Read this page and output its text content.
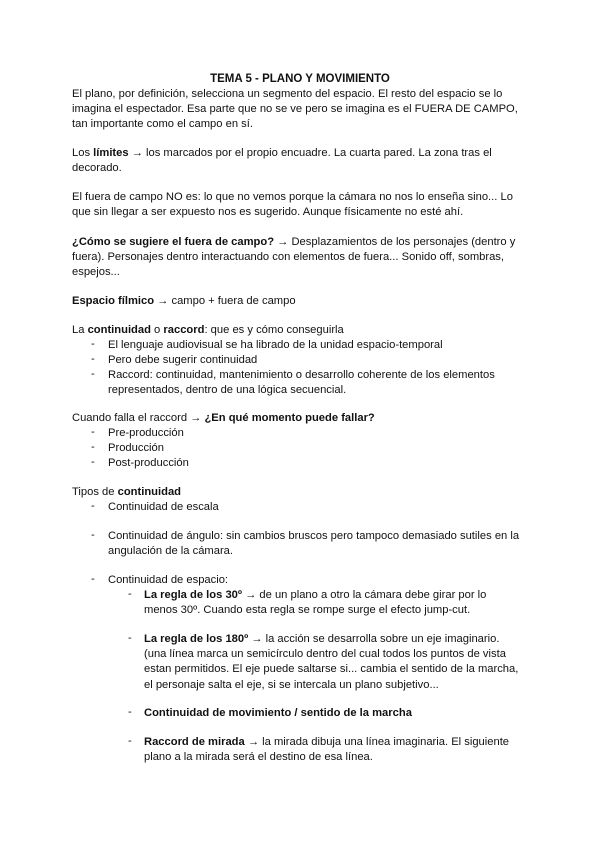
TEMA 5 - PLANO Y MOVIMIENTO
El plano, por definición, selecciona un segmento del espacio. El resto del espacio se lo imagina el espectador. Esa parte que no se ve pero se imagina es el FUERA DE CAMPO, tan importante como el campo en sí.
Los límites → los marcados por el propio encuadre. La cuarta pared. La zona tras el decorado.
El fuera de campo NO es: lo que no vemos porque la cámara no nos lo enseña sino... Lo que sin llegar a ser expuesto nos es sugerido. Aunque físicamente no esté ahí.
¿Cómo se sugiere el fuera de campo? → Desplazamientos de los personajes (dentro y fuera). Personajes dentro interactuando con elementos de fuera... Sonido off, sombras, espejos...
Espacio fílmico → campo + fuera de campo
La continuidad o raccord: que es y cómo conseguirla
- El lenguaje audiovisual se ha librado de la unidad espacio-temporal
- Pero debe sugerir continuidad
- Raccord: continuidad, mantenimiento o desarrollo coherente de los elementos representados, dentro de una lógica secuencial.
Cuando falla el raccord → ¿En qué momento puede fallar?
- Pre-producción
- Producción
- Post-producción
Tipos de continuidad
- Continuidad de escala
- Continuidad de ángulo: sin cambios bruscos pero tampoco demasiado sutiles en la angulación de la cámara.
- Continuidad de espacio:
- La regla de los 30º → de un plano a otro la cámara debe girar por lo menos 30º. Cuando esta regla se rompe surge el efecto jump-cut.
- La regla de los 180º → la acción se desarrolla sobre un eje imaginario. (una línea marca un semicírculo dentro del cual todos los puntos de vista estan permitidos. El eje puede saltarse si... cambia el sentido de la marcha, el personaje salta el eje, si se intercala un plano subjetivo...
- Continuidad de movimiento / sentido de la marcha
- Raccord de mirada → la mirada dibuja una línea imaginaria. El siguiente plano a la mirada será el destino de esa línea.
